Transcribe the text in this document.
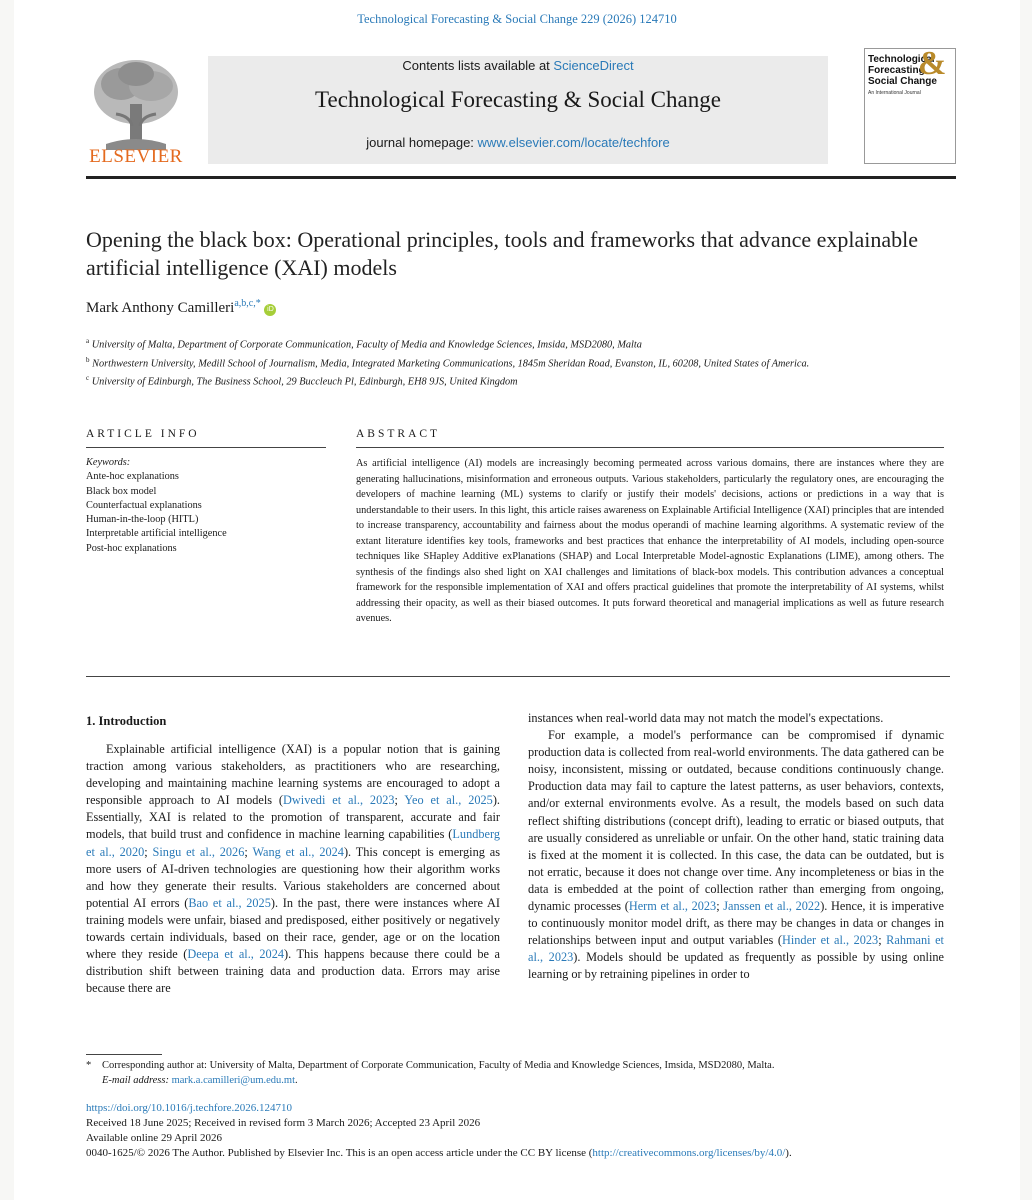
Technological Forecasting & Social Change 229 (2026) 124710
ELSEVIER
Contents lists available at ScienceDirect
Technological Forecasting & Social Change
journal homepage: www.elsevier.com/locate/techfore
&
Technological
Forecasting
Social Change
An International Journal
Opening the black box: Operational principles, tools and frameworks that advance explainable artificial intelligence (XAI) models
Mark Anthony Camilleri$^{a,b,c,*}$ iD
$^a$ University of Malta, Department of Corporate Communication, Faculty of Media and Knowledge Sciences, Imsida, MSD2080, Malta
$^b$ Northwestern University, Medill School of Journalism, Media, Integrated Marketing Communications, 1845m Sheridan Road, Evanston, IL, 60208, United States of America.
$^c$ University of Edinburgh, The Business School, 29 Buccleuch Pl, Edinburgh, EH8 9JS, United Kingdom
ARTICLE INFO
Keywords:
Ante-hoc explanations
Black box model
Counterfactual explanations
Human-in-the-loop (HITL)
Interpretable artificial intelligence
Post-hoc explanations
ABSTRACT
As artificial intelligence (AI) models are increasingly becoming permeated across various domains, there are instances where they are generating hallucinations, misinformation and erroneous outputs. Various stakeholders, particularly the regulatory ones, are encouraging the developers of machine learning (ML) systems to clarify or justify their models' decisions, actions or predictions in a way that is understandable to their users. In this light, this article raises awareness on Explainable Artificial Intelligence (XAI) principles that are intended to increase transparency, accountability and fairness about the modus operandi of machine learning algorithms. A systematic review of the extant literature identifies key tools, frameworks and best practices that enhance the interpretability of AI models, including open-source techniques like SHapley Additive exPlanations (SHAP) and Local Interpretable Model-agnostic Explanations (LIME), among others. The synthesis of the findings also shed light on XAI challenges and limitations of black-box models. This contribution advances a conceptual framework for the responsible implementation of XAI and offers practical guidelines that promote the interpretability of AI systems, whilst addressing their opacity, as well as their biased outcomes. It puts forward theoretical and managerial implications as well as future research avenues.
1. Introduction

Explainable artificial intelligence (XAI) is a popular notion that is gaining traction among various stakeholders, as practitioners who are researching, developing and maintaining machine learning systems are encouraged to adopt a responsible approach to AI models (Dwivedi et al., 2023; Yeo et al., 2025). Essentially, XAI is related to the promotion of transparent, accurate and fair models, that build trust and confidence in machine learning capabilities (Lundberg et al., 2020; Singu et al., 2026; Wang et al., 2024). This concept is emerging as more users of AI-driven technologies are questioning how their algorithm works and how they generate their results. Various stakeholders are concerned about potential AI errors (Bao et al., 2025). In the past, there were instances where AI training models were unfair, biased and predisposed, either positively or negatively towards certain individuals, based on their race, gender, age or on the location where they reside (Deepa et al., 2024). This happens because there could be a distribution shift between training data and production data. Errors may arise because there are

instances when real-world data may not match the model's expectations.

For example, a model's performance can be compromised if dynamic production data is collected from real-world environments. The data gathered can be noisy, inconsistent, missing or outdated, because conditions continuously change. Production data may fail to capture the latest patterns, as user behaviors, contexts, and/or external environments evolve. As a result, the models based on such data reflect shifting distributions (concept drift), leading to erratic or biased outputs, that are usually considered as unreliable or unfair. On the other hand, static training data is fixed at the moment it is collected. In this case, the data can be outdated, but is not erratic, because it does not change over time. Any incompleteness or bias in the data is embedded at the point of collection rather than emerging from ongoing, dynamic processes (Herm et al., 2023; Janssen et al., 2022). Hence, it is imperative to continuously monitor model drift, as there may be changes in data or changes in relationships between input and output variables (Hinder et al., 2023; Rahmani et al., 2023). Models should be updated as frequently as possible by using online learning or by retraining pipelines in order to

* Corresponding author at: University of Malta, Department of Corporate Communication, Faculty of Media and Knowledge Sciences, Imsida, MSD2080, Malta.
E-mail address: mark.a.camilleri@um.edu.mt.
https://doi.org/10.1016/j.techfore.2026.124710
Received 18 June 2025; Received in revised form 3 March 2026; Accepted 23 April 2026
Available online 29 April 2026
0040-1625/© 2026 The Author. Published by Elsevier Inc. This is an open access article under the CC BY license (http://creativecommons.org/licenses/by/4.0/).
